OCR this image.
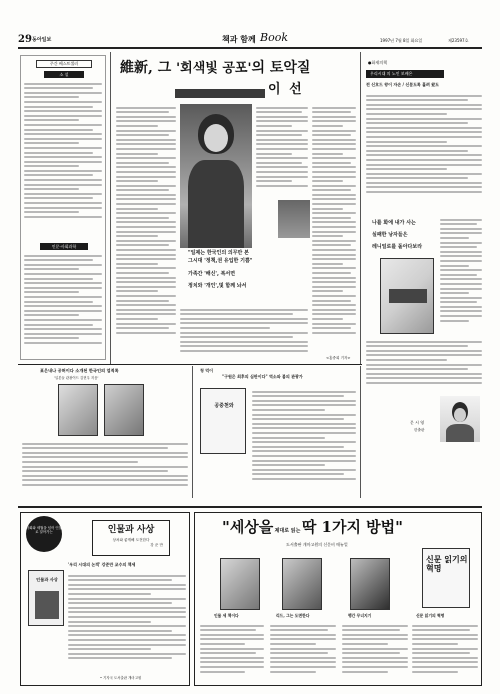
29 동아일보	책과 함께 Book	1997년 7월 8일 화요일	제23597호
주간 베스트셀러
소 설
인문·사회과학
維新, 그 '회색빛 공포'의 토악질
이 선
"일제는 한국인의 의무만 본
그시대 '정책,권 유입한 기쁨"
가족간 '배신', 복서면
정치와 '개인',및 함께 놔서
<홍중희 기자>
●화제의책
우리시대 의 노인 보배은
전 신호드 왕이 자손 / 신분도록 흘려 왔도
나를 화에 내가 사는
실패한 낭자들은
레니얼로를 돌아다보라
문 시 영
한출판
표은내나 공허이다 소개된 한국인의 업적록
'일본들 관광이드 김현우 지음'
청 덕이
"구원은 최후의 심판이다" 역소와 봄의 관광가
공중천와
사회와 세월을 넘어 인물로 알아가는	인물과 사상
상처와 좋게해 도전한다
강 준 만
'우리 시대의 논객' 강준만 교수의 책세
인물과 사상
• 기자국 도서출판 개마고원
"세상을 제대로 읽는 딱 1가지 방법"
도서출판 개마고원의 신문비 매뉴얼
신문 읽기의 혁명
인물 세 책이다	리드, 그는 도면한다	행간 무너지기	신문 읽기의 혁명
